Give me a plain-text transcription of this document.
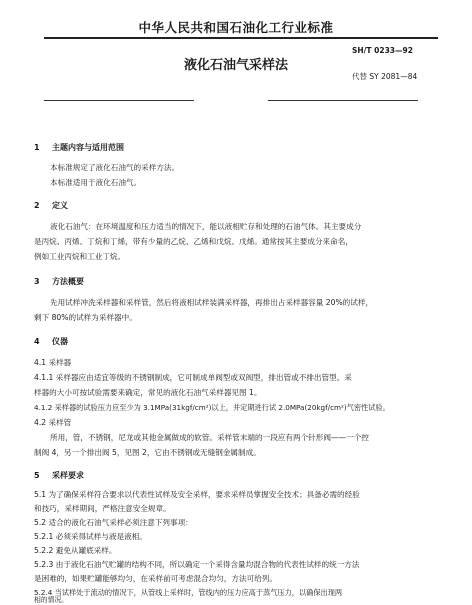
中华人民共和国石油化工行业标准
SH/T 0233—92
液化石油气采样法
代替 SY 2081—84
1 主题内容与适用范围
本标准规定了液化石油气的采样方法。
本标准适用于液化石油气。
2 定义
液化石油气：在环境温度和压力适当的情况下，能以液相贮存和处理的石油气体。其主要成分
是丙烷、丙烯、丁烷和丁烯，带有少量的乙烷、乙烯和戊烷、戊烯。通常按其主要成分来命名，
例如工业丙烷和工业丁烷。
3 方法概要
先用试样冲洗采样器和采样管，然后将液相试样装满采样器，再排出占采样器容量 20%的试样，
剩下 80%的试样为采样器中。
4 仪器
4.1 采样器
4.1.1 采样器应由适宜等级的不锈钢制成，它可制成单阀型或双阀型，排出管或不排出管型。采
样器的大小可按试验需要来确定，常见的液化石油气采样器见图 1。
4.1.2 采样器的试验压力应至少为 3.1MPa(31kgf/cm²)以上，并定期进行试 2.0MPa(20kgf/cm²)气密性试验。
4.2 采样管
所用，管，不锈钢，尼龙或其他金属做成的软管。采样管末端的一段应有两个针形阀——一个控
制阀 4，另一个排出阀 5，见图 2，它由不锈钢或无缝钢金属制成。
5 采样要求
5.1 为了确保采样符合要求以代表性试样及安全采样，要求采样员掌握安全技术；具备必需的经验
和技巧，采样期间，严格注意安全规章。
5.2 适合的液化石油气采样必须注意下列事项：
5.2.1 必须采得试样与液是液相。
5.2.2 避免从罐底采样。
5.2.3 由于液化石油气贮罐的结构不同，所以确定一个采得含量均混合物的代表性试样的统一方法
是困难的，如果贮罐能够均匀，在采样前可考虑混合均匀，方法可给列。
5.2.4 当试样处于流动的情况下，从管线上采样时，管线内的压力应高于蒸气压力，以确保出现两
相的情况。
